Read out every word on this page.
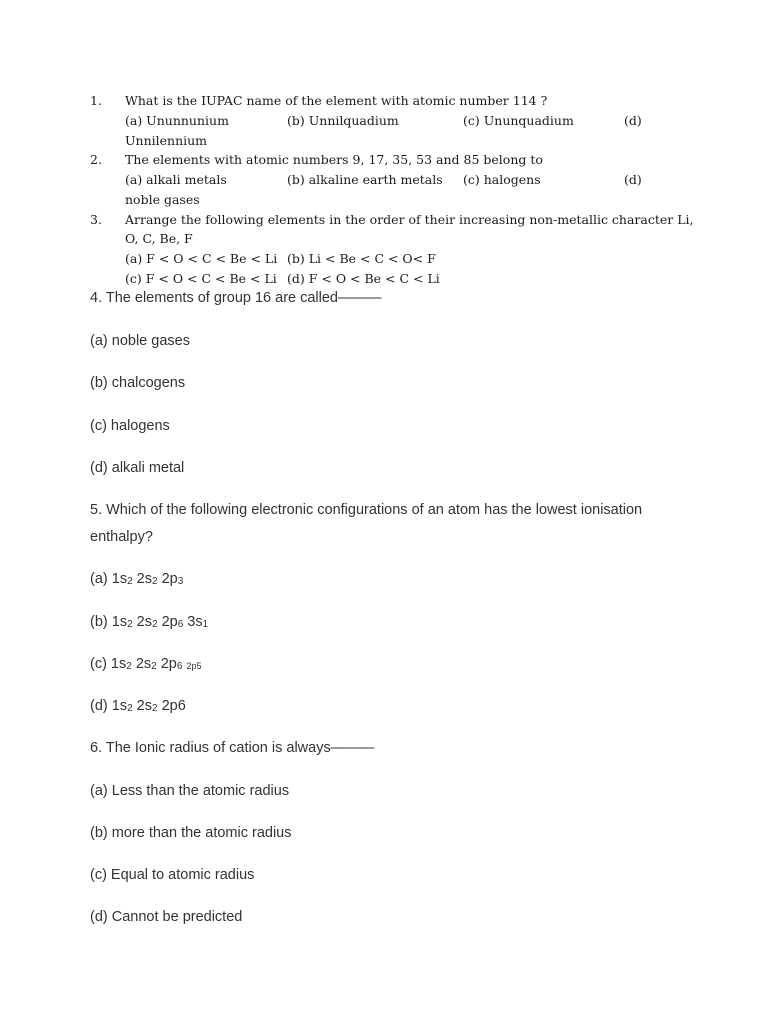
1. What is the IUPAC name of the element with atomic number 114 ?
(a) Ununnunium	(b) Unnilquadium	(c) Ununquadium	(d)
Unnilennium
2. The elements with atomic numbers 9, 17, 35, 53 and 85 belong to
(a) alkali metals	(b) alkaline earth metals (c) halogens	(d)
noble gases
3. Arrange the following elements in the order of their increasing non-metallic character Li,
O, C, Be, F
(a) F < O < C < Be < Li (b) Li < Be < C < O< F
(c) F < O < C < Be < Li (d) F < O < Be < C < Li
4. The elements of group 16 are called———
(a) noble gases
(b) chalcogens
(c) halogens
(d) alkali metal
5. Which of the following electronic configurations of an atom has the lowest ionisation
enthalpy?
(a) $1s_2$ $2s_2$ $2p_3$
(b) $1s_2$ $2s_2$ $2p_6$ $3s_1$
(c) $1s_2$ $2s_2$ $2p_6$ $_{2p5}$
(d) $1s_2$ $2s_2$ 2p6
6. The Ionic radius of cation is always———
(a) Less than the atomic radius
(b) more than the atomic radius
(c) Equal to atomic radius
(d) Cannot be predicted
